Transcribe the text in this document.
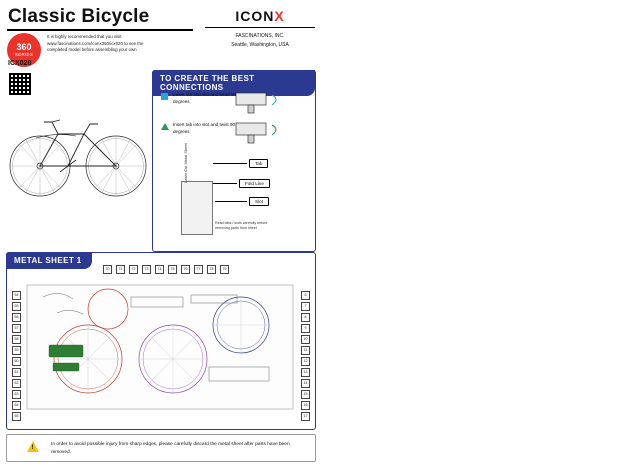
Classic Bicycle
360
SERIES
It is highly recommended that you visit www.fascinations.com/iconx360/icx020 to see the completed model before assembling your own
ICX020
ICONX
FASCINATIONS, INC.
Seattle, Washington, USA
TO CREATE THE BEST CONNECTIONS
Insert tab into slot and bend 90 degrees
Insert tab into slot and twist 90 degrees
Tab
Fold Line
Slot
Laser Cut Metal Sheet
Read tabs / slots carefully before removing parts from sheet
METAL SHEET 1
70	71	72	73	74	75	76	77	78	79
54
55
56
57
58
59
60
61
62
63
64
65
6
7
8
9
10
11
12
13
14
15
16
17
!
In order to avoid possible injury from sharp edges, please carefully discard the metal sheet after parts have been removed.
